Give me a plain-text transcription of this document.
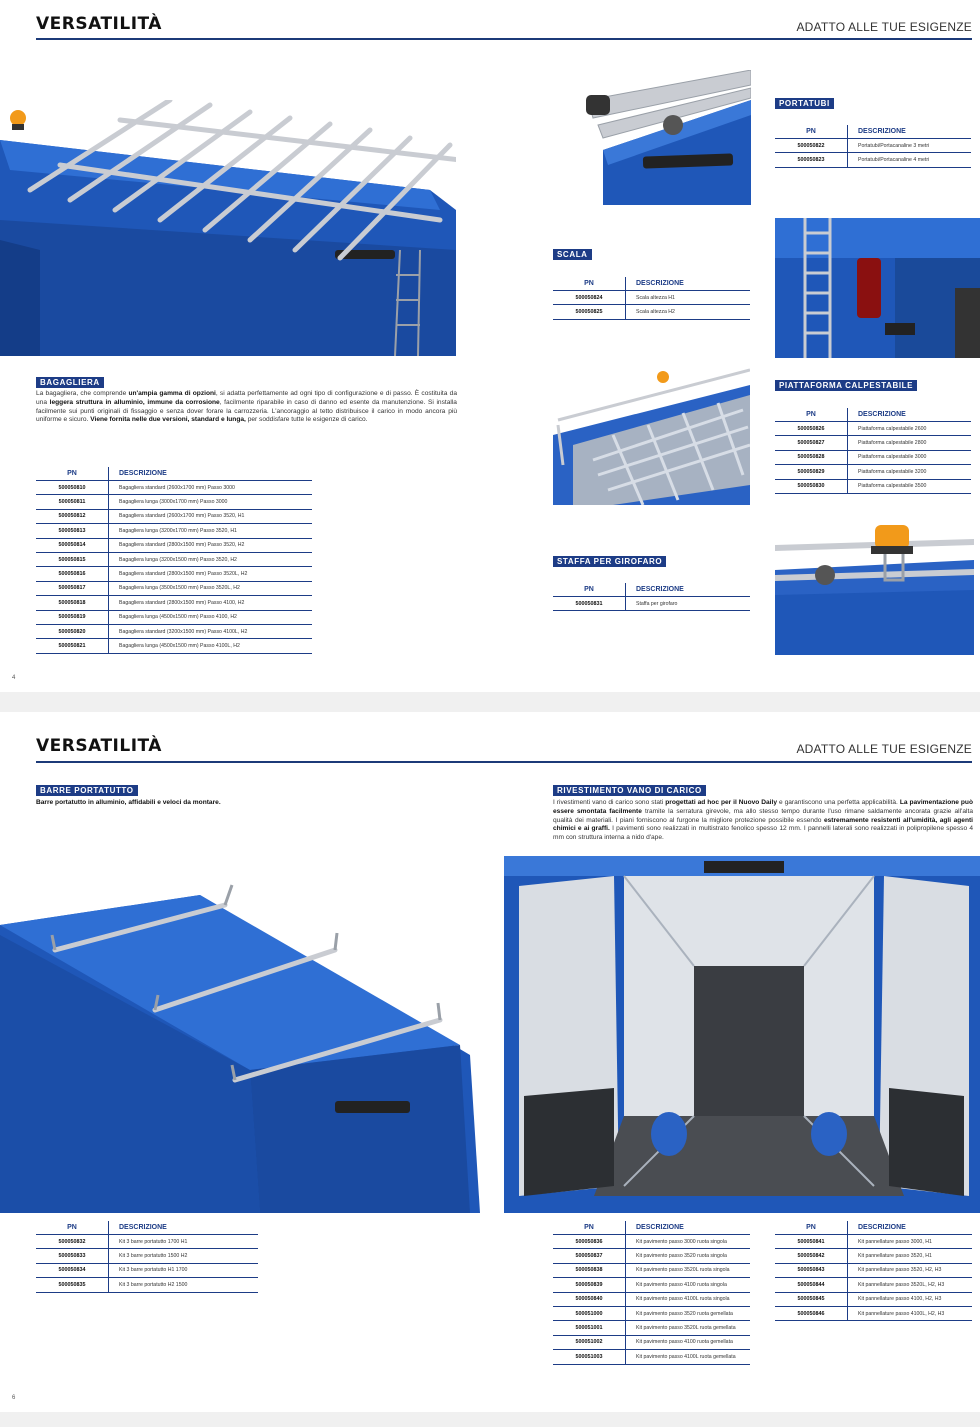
VERSATILITÀ	ADATTO ALLE TUE ESIGENZE
BAGAGLIERA
La bagagliera, che comprende un'ampia gamma di opzioni, si adatta perfettamente ad ogni tipo di configurazione e di passo. È costituita da una leggera struttura in alluminio, immune da corrosione, facilmente riparabile in caso di danno ed esente da manutenzione. Si installa facilmente sui punti originali di fissaggio e senza dover forare la carrozzeria. L'ancoraggio al tetto distribuisce il carico in modo ancora più uniforme e sicuro. Viene fornita nelle due versioni, standard e lunga, per soddisfare tutte le esigenze di carico.
PN	DESCRIZIONE
500050810	Bagagliera standard (2600x1700 mm) Passo 3000
500050811	Bagagliera lunga (3000x1700 mm) Passo 3000
500050812	Bagagliera standard (2600x1700 mm) Passo 3520, H1
500050813	Bagagliera lunga (3200x1700 mm) Passo 3520, H1
500050814	Bagagliera standard (2800x1500 mm) Passo 3520, H2
500050815	Bagagliera lunga (3200x1500 mm) Passo 3520, H2
500050816	Bagagliera standard (2800x1500 mm) Passo 3520L, H2
500050817	Bagagliera lunga (3500x1500 mm) Passo 3520L, H2
500050818	Bagagliera standard (2800x1500 mm) Passo 4100, H2
500050819	Bagagliera lunga (4500x1500 mm) Passo 4100, H2
500050820	Bagagliera standard (3200x1500 mm) Passo 4100L, H2
500050821	Bagagliera lunga (4500x1500 mm) Passo 4100L, H2
4
PORTATUBI
PN	DESCRIZIONE
500050822	Portatubi/Portacanaline 3 metri
500050823	Portatubi/Portacanaline 4 metri
SCALA
PN	DESCRIZIONE
500050824	Scala altezza H1
500050825	Scala altezza H2
PIATTAFORMA CALPESTABILE
PN	DESCRIZIONE
500050826	Piattaforma calpestabile 2600
500050827	Piattaforma calpestabile 2800
500050828	Piattaforma calpestabile 3000
500050829	Piattaforma calpestabile 3200
500050830	Piattaforma calpestabile 3500
STAFFA PER GIROFARO
PN	DESCRIZIONE
500050831	Staffa per girofaro
VERSATILITÀ	ADATTO ALLE TUE ESIGENZE
BARRE PORTATUTTO
Barre portatutto in alluminio, affidabili e veloci da montare.
PN	DESCRIZIONE
500050832	Kit 3 barre portatutto 1700 H1
500050833	Kit 3 barre portatutto 1500 H2
500050834	Kit 3 barre portatutto H1 1700
500050835	Kit 3 barre portatutto H2 1500
6
RIVESTIMENTO VANO DI CARICO
I rivestimenti vano di carico sono stati progettati ad hoc per il Nuovo Daily e garantiscono una perfetta applicabilità. La pavimentazione può essere smontata facilmente tramite la serratura girevole, ma allo stesso tempo durante l'uso rimane saldamente ancorata grazie all'alta qualità dei materiali. I piani forniscono al furgone la migliore protezione possibile essendo estremamente resistenti all'umidità, agli agenti chimici e ai graffi. I pavimenti sono realizzati in multistrato fenolico spesso 12 mm. I pannelli laterali sono realizzati in polipropilene spesso 4 mm con struttura interna a nido d'ape.
PN	DESCRIZIONE
500050836	Kit pavimento passo 3000 ruota singola
500050837	Kit pavimento passo 3520 ruota singola
500050838	Kit pavimento passo 3520L ruota singola
500050839	Kit pavimento passo 4100 ruota singola
500050840	Kit pavimento passo 4100L ruota singola
500051000	Kit pavimento passo 3520 ruota gemellata
500051001	Kit pavimento passo 3520L ruota gemellata
500051002	Kit pavimento passo 4100 ruota gemellata
500051003	Kit pavimento passo 4100L ruota gemellata
PN	DESCRIZIONE
500050841	Kit pannellature passo 3000, H1
500050842	Kit pannellature passo 3520, H1
500050843	Kit pannellature passo 3520, H2, H3
500050844	Kit pannellature passo 3520L, H2, H3
500050845	Kit pannellature passo 4100, H2, H3
500050846	Kit pannellature passo 4100L, H2, H3
